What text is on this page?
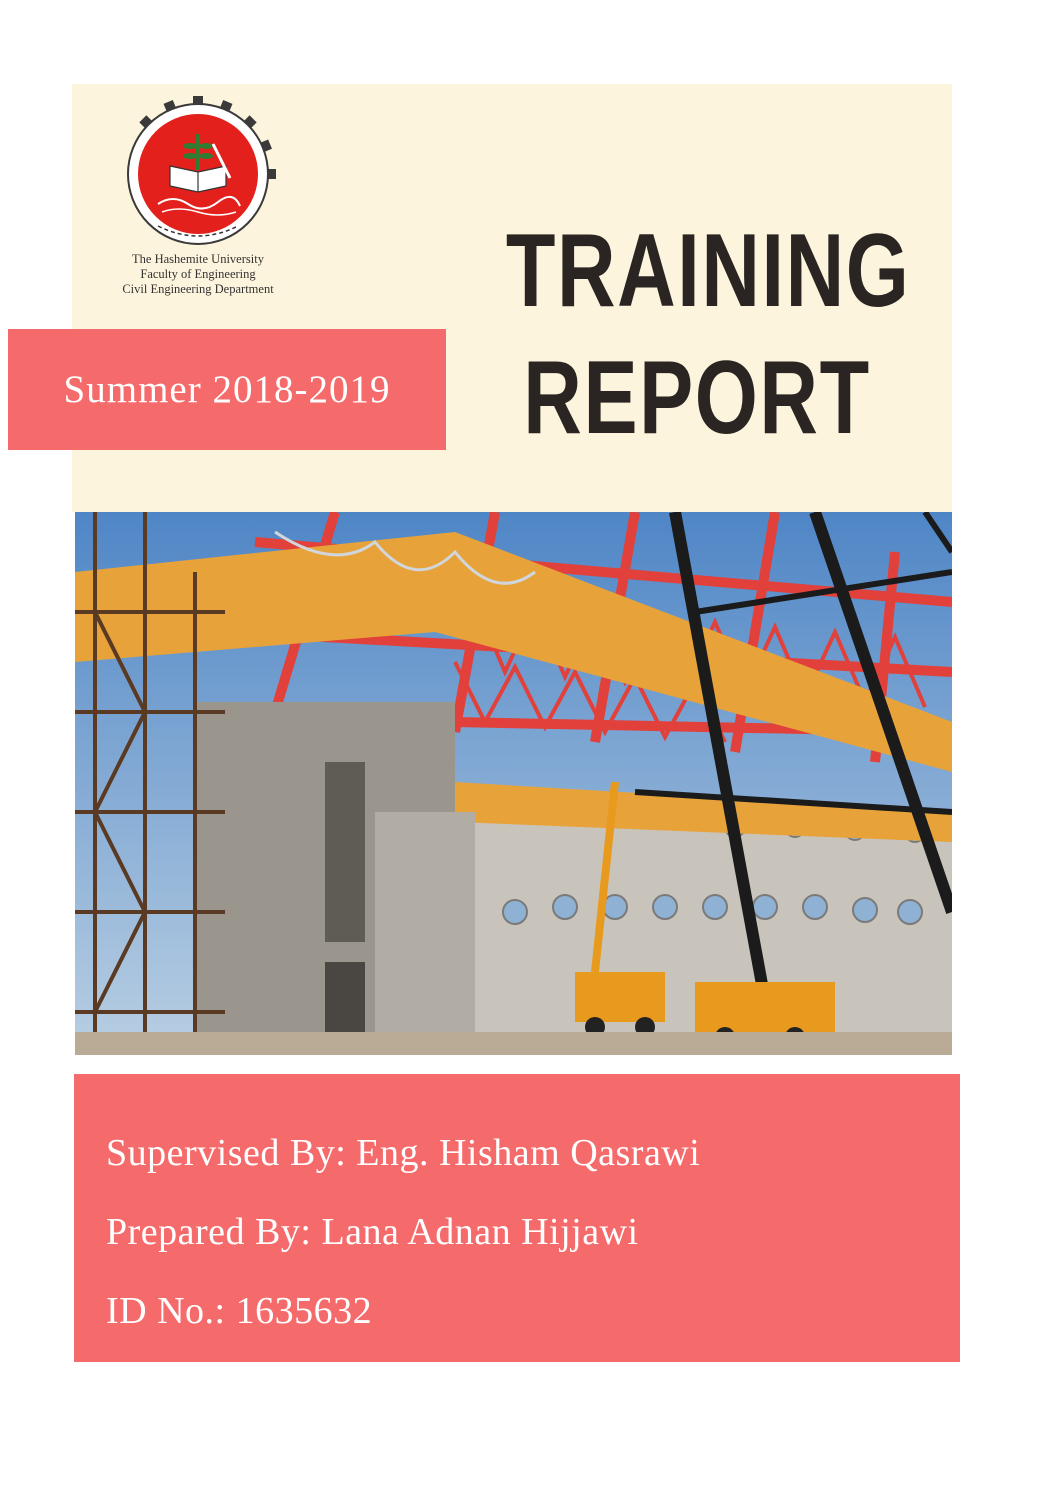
The Hashemite University
Faculty of Engineering
Civil Engineering Department
Summer 2018-2019
TRAINING
REPORT
Supervised By: Eng. Hisham Qasrawi
Prepared By: Lana Adnan Hijjawi
ID No.: 1635632
